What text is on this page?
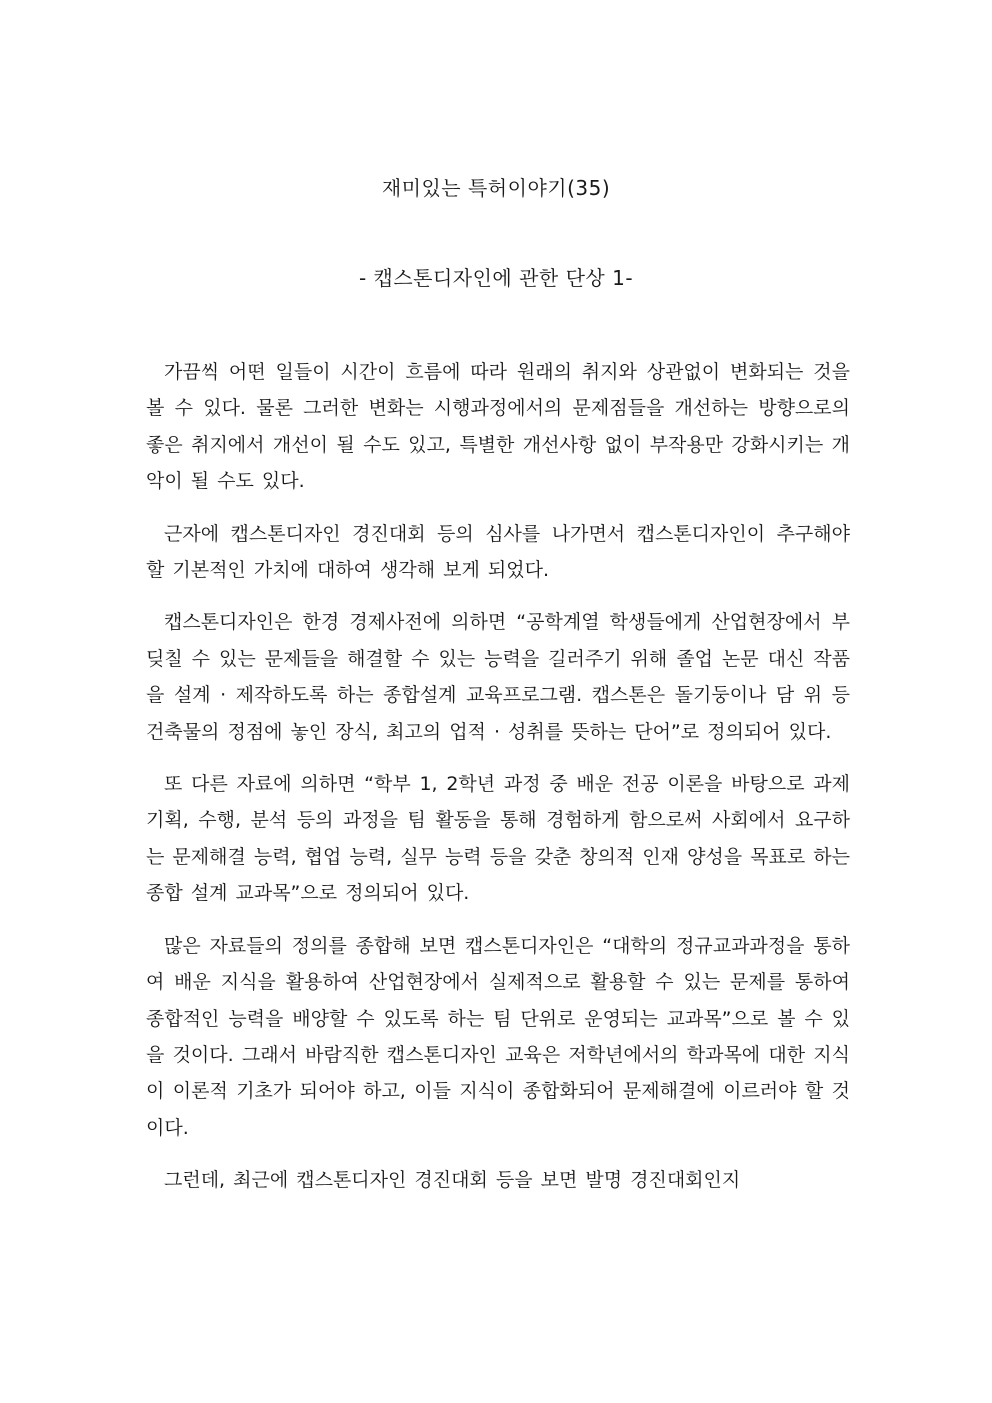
재미있는 특허이야기(35)
- 캡스톤디자인에 관한 단상 1-

가끔씩 어떤 일들이 시간이 흐름에 따라 원래의 취지와 상관없이 변화되는 것을 볼 수 있다. 물론 그러한 변화는 시행과정에서의 문제점들을 개선하는 방향으로의 좋은 취지에서 개선이 될 수도 있고, 특별한 개선사항 없이 부작용만 강화시키는 개악이 될 수도 있다.

근자에 캡스톤디자인 경진대회 등의 심사를 나가면서 캡스톤디자인이 추구해야 할 기본적인 가치에 대하여 생각해 보게 되었다.

캡스톤디자인은 한경 경제사전에 의하면 “공학계열 학생들에게 산업현장에서 부딪칠 수 있는 문제들을 해결할 수 있는 능력을 길러주기 위해 졸업 논문 대신 작품을 설계 · 제작하도록 하는 종합설계 교육프로그램. 캡스톤은 돌기둥이나 담 위 등 건축물의 정점에 놓인 장식, 최고의 업적 · 성취를 뜻하는 단어”로 정의되어 있다.

또 다른 자료에 의하면 “학부 1, 2학년 과정 중 배운 전공 이론을 바탕으로 과제 기획, 수행, 분석 등의 과정을 팀 활동을 통해 경험하게 함으로써 사회에서 요구하는 문제해결 능력, 협업 능력, 실무 능력 등을 갖춘 창의적 인재 양성을 목표로 하는 종합 설계 교과목”으로 정의되어 있다.

많은 자료들의 정의를 종합해 보면 캡스톤디자인은 “대학의 정규교과과정을 통하여 배운 지식을 활용하여 산업현장에서 실제적으로 활용할 수 있는 문제를 통하여 종합적인 능력을 배양할 수 있도록 하는 팀 단위로 운영되는 교과목”으로 볼 수 있을 것이다. 그래서 바람직한 캡스톤디자인 교육은 저학년에서의 학과목에 대한 지식이 이론적 기초가 되어야 하고, 이들 지식이 종합화되어 문제해결에 이르러야 할 것이다.

그런데, 최근에 캡스톤디자인 경진대회 등을 보면 발명 경진대회인지
